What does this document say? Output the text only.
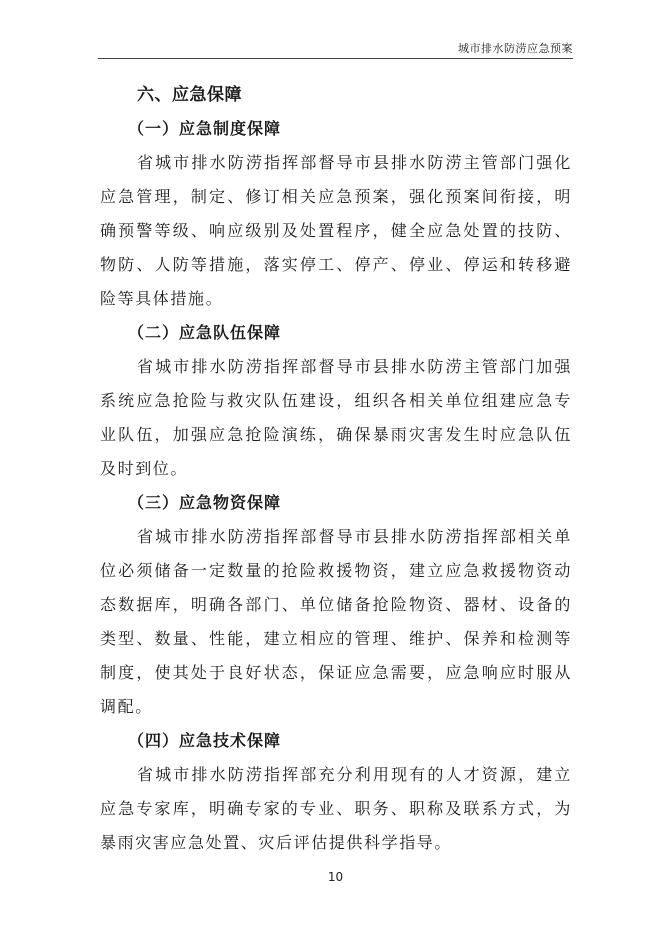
城市排水防涝应急预案
六、应急保障
（一）应急制度保障

省城市排水防涝指挥部督导市县排水防涝主管部门强化应急管理，制定、修订相关应急预案，强化预案间衔接，明确预警等级、响应级别及处置程序，健全应急处置的技防、物防、人防等措施，落实停工、停产、停业、停运和转移避险等具体措施。

（二）应急队伍保障

省城市排水防涝指挥部督导市县排水防涝主管部门加强系统应急抢险与救灾队伍建设，组织各相关单位组建应急专业队伍，加强应急抢险演练，确保暴雨灾害发生时应急队伍及时到位。

（三）应急物资保障

省城市排水防涝指挥部督导市县排水防涝指挥部相关单位必须储备一定数量的抢险救援物资，建立应急救援物资动态数据库，明确各部门、单位储备抢险物资、器材、设备的类型、数量、性能，建立相应的管理、维护、保养和检测等制度，使其处于良好状态，保证应急需要，应急响应时服从调配。

（四）应急技术保障

省城市排水防涝指挥部充分利用现有的人才资源，建立应急专家库，明确专家的专业、职务、职称及联系方式，为暴雨灾害应急处置、灾后评估提供科学指导。

10
